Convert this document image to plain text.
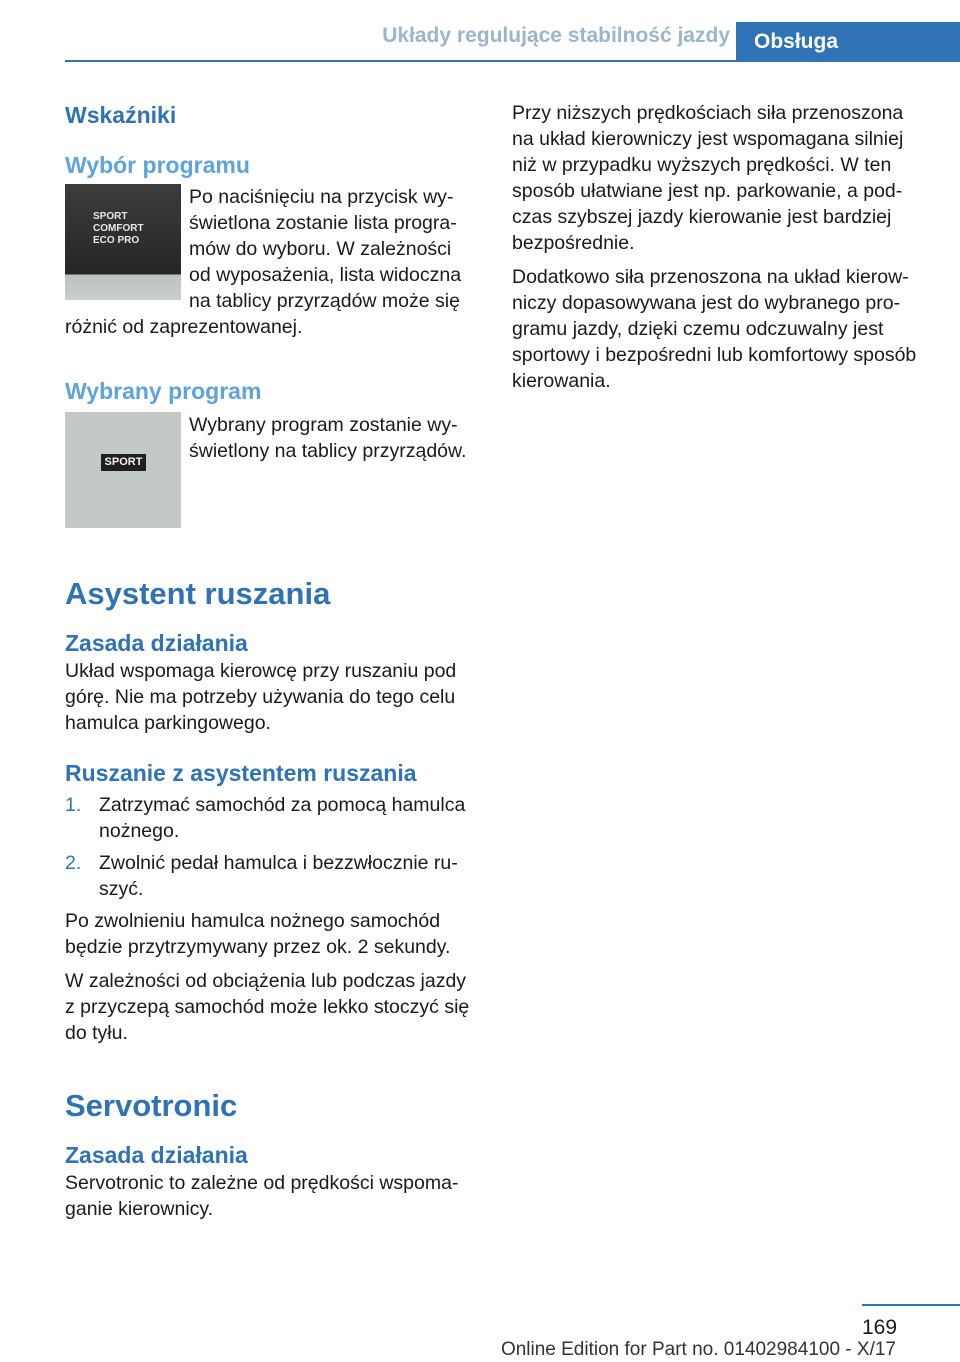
Układy regulujące stabilność jazdy	Obsługa
Wskaźniki
Wybór programu
SPORT
COMFORT
ECO PRO

Po naciśnięciu na przycisk wyświetlona zostanie lista programów do wyboru. W zależności od wyposażenia, lista widoczna na tablicy przyrządów może się różnić od zaprezentowanej.

Wybrany program
SPORT

Wybrany program zostanie wyświetlony na tablicy przyrządów.

Asystent ruszania
Zasada działania

Układ wspomaga kierowcę przy ruszaniu pod górę. Nie ma potrzeby używania do tego celu hamulca parkingowego.

Ruszanie z asystentem ruszania
1. Zatrzymać samochód za pomocą hamulca nożnego.
2. Zwolnić pedał hamulca i bezzwłocznie ruszyć.

Po zwolnieniu hamulca nożnego samochód będzie przytrzymywany przez ok. 2 sekundy.

W zależności od obciążenia lub podczas jazdy z przyczepą samochód może lekko stoczyć się do tyłu.

Servotronic
Zasada działania

Servotronic to zależne od prędkości wspomaganie kierownicy.

Przy niższych prędkościach siła przenoszona na układ kierowniczy jest wspomagana silniej niż w przypadku wyższych prędkości. W ten sposób ułatwiane jest np. parkowanie, a podczas szybszej jazdy kierowanie jest bardziej bezpośrednie.

Dodatkowo siła przenoszona na układ kierowniczy dopasowywana jest do wybranego programu jazdy, dzięki czemu odczuwalny jest sportowy i bezpośredni lub komfortowy sposób kierowania.

169
Online Edition for Part no. 01402984100 - X/17
